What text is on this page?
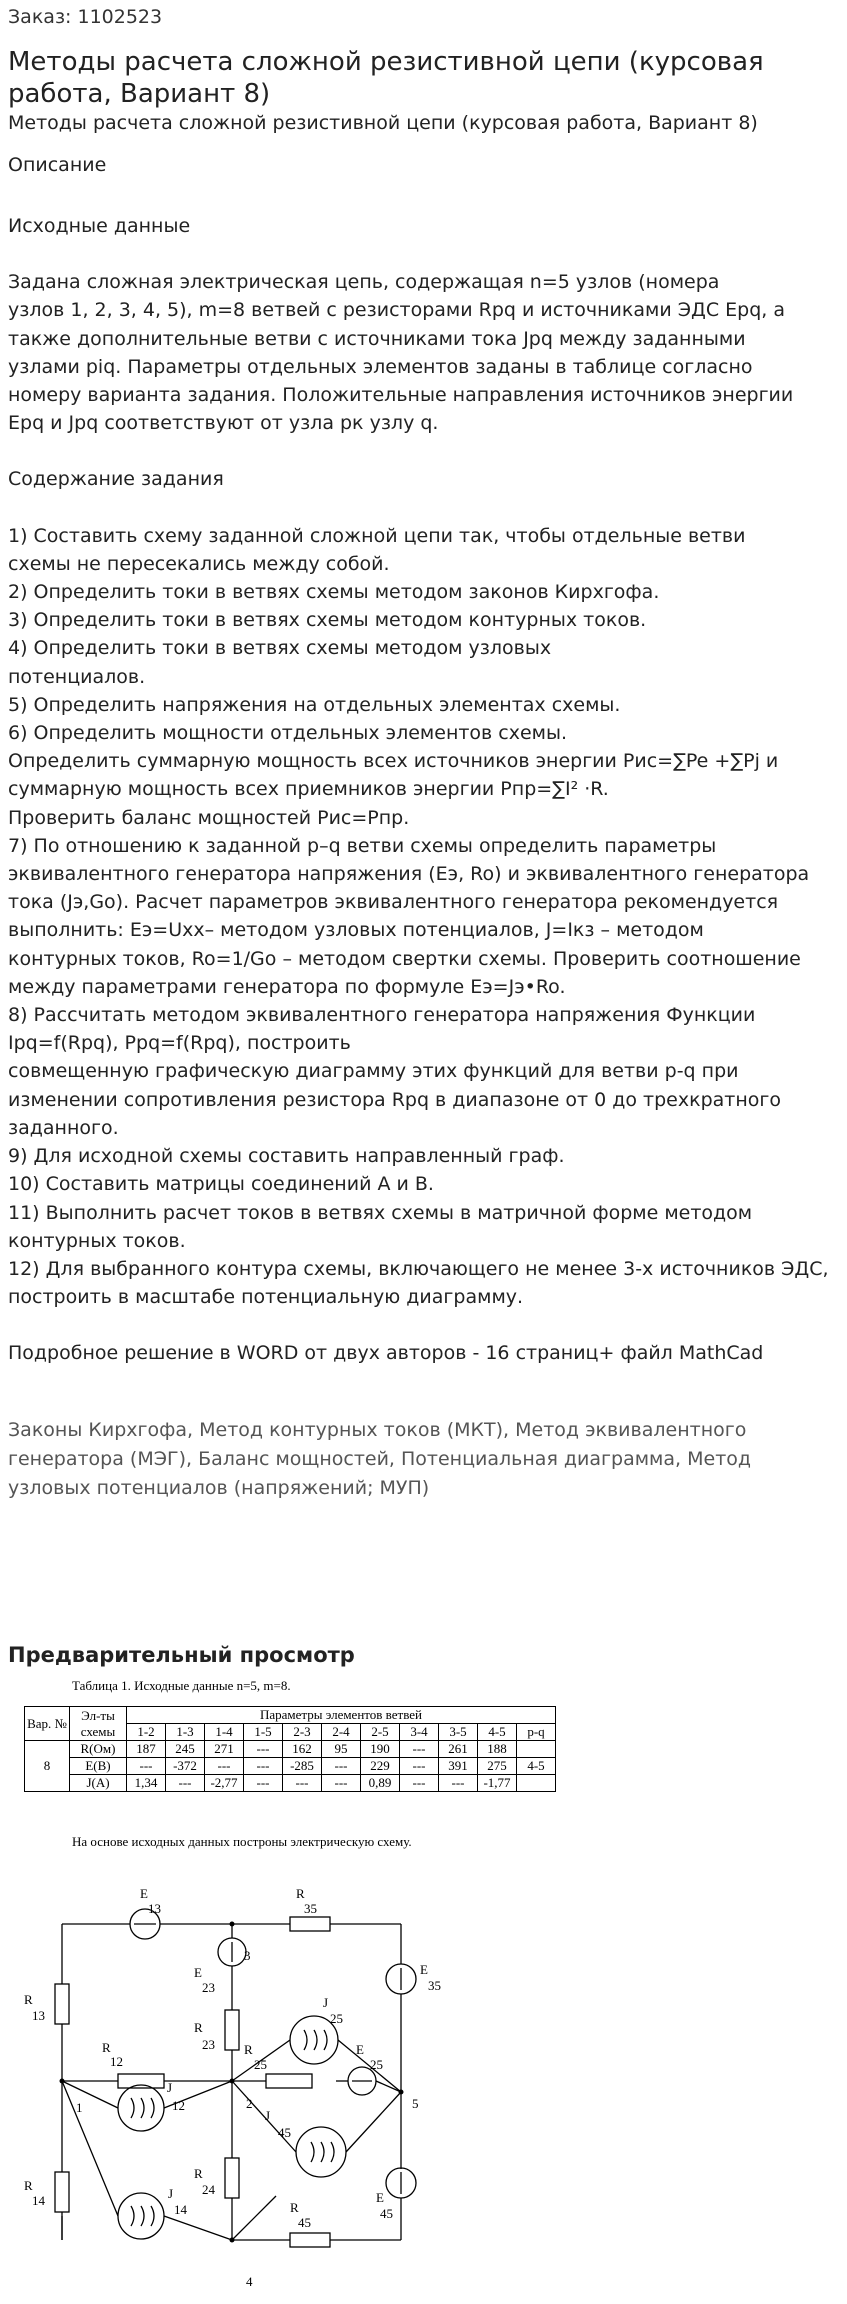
Заказ: 1102523
Методы расчета сложной резистивной цепи (курсовая работа, Вариант 8)
Методы расчета сложной резистивной цепи (курсовая работа, Вариант 8)
Описание

Исходные данные

Задана сложная электрическая цепь, содержащая n=5 узлов (номера
узлов 1, 2, 3, 4, 5), m=8 ветвей с резисторами Rpq и источниками ЭДС Epq, а
также дополнительные ветви с источниками тока Jpq между заданными
узлами piq. Параметры отдельных элементов заданы в таблице согласно
номеру варианта задания. Положительные направления источников энергии
Epq и Jpq соответствуют от узла pк узлу q.

Содержание задания

1) Составить схему заданной сложной цепи так, чтобы отдельные ветви
схемы не пересекались между собой.
2) Определить токи в ветвях схемы методом законов Кирхгофа.
3) Определить токи в ветвях схемы методом контурных токов.
4) Определить токи в ветвях схемы методом узловых
потенциалов.
5) Определить напряжения на отдельных элементах схемы.
6) Определить мощности отдельных элементов схемы.
Определить суммарную мощность всех источников энергии Рис=∑Pe +∑Pj и
суммарную мощность всех приемников энергии Рпр=∑I² ·R.
Проверить баланс мощностей Рис=Рпр.
7) По отношению к заданной p–q ветви схемы определить параметры
эквивалентного генератора напряжения (Еэ, Ro) и эквивалентного генератора
тока (Jэ,Go). Расчет параметров эквивалентного генератора рекомендуется
выполнить: Еэ=Uxx– методом узловых потенциалов, J=Iкз – методом
контурных токов, Ro=1/Go – методом свертки схемы. Проверить соотношение
между параметрами генератора по формуле Еэ=Jэ•Ro.
8) Рассчитать методом эквивалентного генератора напряжения Функции
Ipq=f(Rpq), Ppq=f(Rpq), построить
совмещенную графическую диаграмму этих функций для ветви p-q при
изменении сопротивления резистора Rpq в диапазоне от 0 до трехкратного
заданного.
9) Для исходной схемы составить направленный граф.
10) Составить матрицы соединений А и В.
11) Выполнить расчет токов в ветвях схемы в матричной форме методом
контурных токов.
12) Для выбранного контура схемы, включающего не менее 3-х источников ЭДС,
построить в масштабе потенциальную диаграмму.

Подробное решение в WORD от двух авторов - 16 страниц+ файл MathCad

Законы Кирхгофа, Метод контурных токов (МКТ), Метод эквивалентного генератора (МЭГ), Баланс мощностей, Потенциальная диаграмма, Метод узловых потенциалов (напряжений; МУП)
Предварительный просмотр
Таблица 1. Исходные данные n=5, m=8.
Вар. №	Эл-ты схемы	Параметры элементов ветвей										
		1-2	1-3	1-4	1-5	2-3	2-4	2-5	3-4	3-5	4-5	p-q
8	R(Ом)	187	245	271	---	162	95	190	---	261	188	
	E(В)	---	-372	---	---	-285	---	229	---	391	275	4-5
	J(A)	1,34	---	-2,77	---	---	---	0,89	---	---	-1,77	
На основе исходных данных построны электрическую схему.
E
13
R
35
E
23
3
E
35
R
13
R
23
J
25
R
12
R
25
E
25
1
J
12	2	5
J
45
R
24
R
14	J
14
E
45
R
45
4
